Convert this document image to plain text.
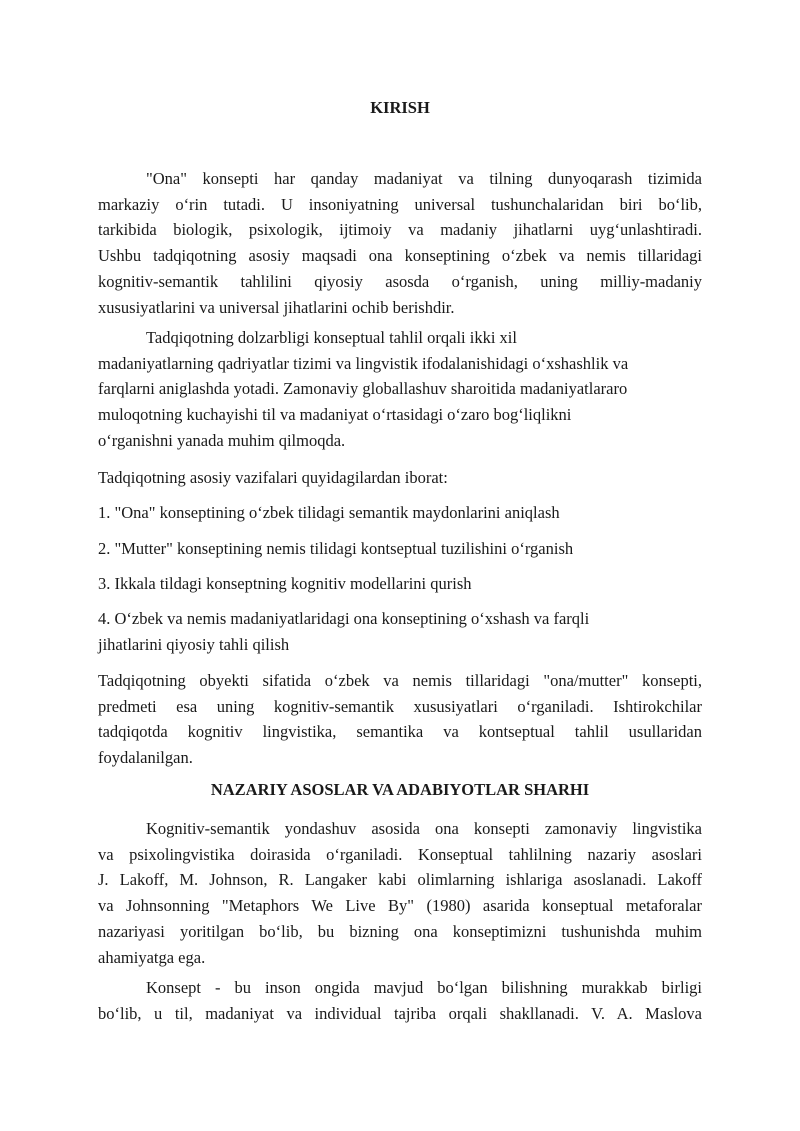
KIRISH
"Ona" konsepti har qanday madaniyat va tilning dunyoqarash tizimida
markaziy o‘rin tutadi. U insoniyatning universal tushunchalaridan biri bo‘lib,
tarkibida biologik, psixologik, ijtimoiy va madaniy jihatlarni uyg‘unlashtiradi.
Ushbu tadqiqotning asosiy maqsadi ona konseptining o‘zbek va nemis tillaridagi
kognitiv-semantik tahlilini qiyosiy asosda o‘rganish, uning milliy-madaniy
xususiyatlarini va universal jihatlarini ochib berishdir.
Tadqiqotning dolzarbligi konseptual tahlil orqali ikki xil
madaniyatlarning qadriyatlar tizimi va lingvistik ifodalanishidagi o‘xshashlik va
farqlarni aniglashda yotadi. Zamonaviy globallashuv sharoitida madaniyatlararo
muloqotning kuchayishi til va madaniyat o‘rtasidagi o‘zaro bog‘liqlikni
o‘rganishni yanada muhim qilmoqda.

Tadqiqotning asosiy vazifalari quyidagilardan iborat:

1. "Ona" konseptining o‘zbek tilidagi semantik maydonlarini aniqlash

2. "Mutter" konseptining nemis tilidagi kontseptual tuzilishini o‘rganish

3. Ikkala tildagi konseptning kognitiv modellarini qurish

4. O‘zbek va nemis madaniyatlaridagi ona konseptining o‘xshash va farqli
jihatlarini qiyosiy tahli qilish
Tadqiqotning obyekti sifatida o‘zbek va nemis tillaridagi "ona/mutter" konsepti,
predmeti esa uning kognitiv-semantik xususiyatlari o‘rganiladi. Ishtirokchilar
tadqiqotda kognitiv lingvistika, semantika va kontseptual tahlil usullaridan
foydalanilgan.
NAZARIY ASOSLAR VA ADABIYOTLAR SHARHI
Kognitiv-semantik yondashuv asosida ona konsepti zamonaviy lingvistika
va psixolingvistika doirasida o‘rganiladi. Konseptual tahlilning nazariy asoslari
J. Lakoff, M. Johnson, R. Langaker kabi olimlarning ishlariga asoslanadi. Lakoff
va Johnsonning "Metaphors We Live By" (1980) asarida konseptual metaforalar
nazariyasi yoritilgan bo‘lib, bu bizning ona konseptimizni tushunishda muhim
ahamiyatga ega.
Konsept - bu inson ongida mavjud bo‘lgan bilishning murakkab birligi
bo‘lib, u til, madaniyat va individual tajriba orqali shakllanadi. V. A. Maslova
